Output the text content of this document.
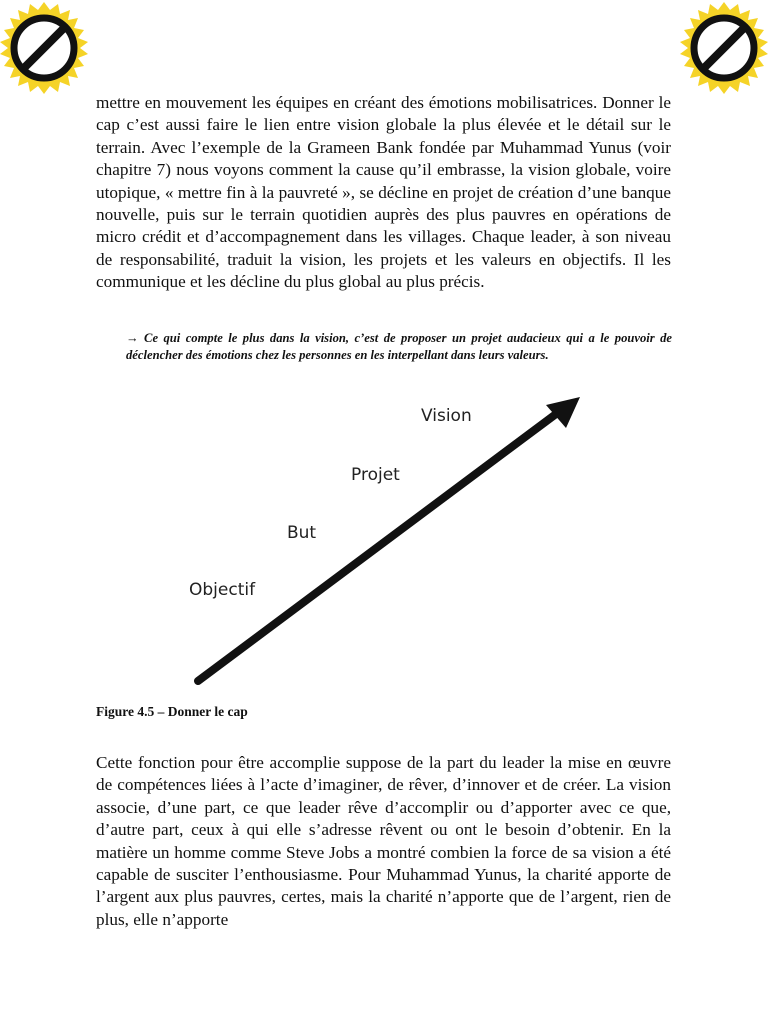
mettre en mouvement les équipes en créant des émotions mobilisatrices. Donner le cap c’est aussi faire le lien entre vision globale la plus élevée et le détail sur le terrain. Avec l’exemple de la Grameen Bank fondée par Muhammad Yunus (voir chapitre 7) nous voyons comment la cause qu’il embrasse, la vision globale, voire utopique, « mettre fin à la pauvreté », se décline en projet de création d’une banque nouvelle, puis sur le terrain quotidien auprès des plus pauvres en opérations de micro crédit et d’accompagnement dans les villages. Chaque leader, à son niveau de responsabilité, traduit la vision, les projets et les valeurs en objectifs. Il les communique et les décline du plus global au plus précis.

→ Ce qui compte le plus dans la vision, c’est de proposer un projet audacieux qui a le pouvoir de déclencher des émotions chez les personnes en les interpellant dans leurs valeurs.

Objectif
But
Projet
Vision

Figure 4.5 – Donner le cap

Cette fonction pour être accomplie suppose de la part du leader la mise en œuvre de compétences liées à l’acte d’imaginer, de rêver, d’innover et de créer. La vision associe, d’une part, ce que leader rêve d’accomplir ou d’apporter avec ce que, d’autre part, ceux à qui elle s’adresse rêvent ou ont le besoin d’obtenir. En la matière un homme comme Steve Jobs a montré combien la force de sa vision a été capable de susciter l’enthousiasme. Pour Muhammad Yunus, la charité apporte de l’argent aux plus pauvres, certes, mais la charité n’apporte que de l’argent, rien de plus, elle n’apporte
